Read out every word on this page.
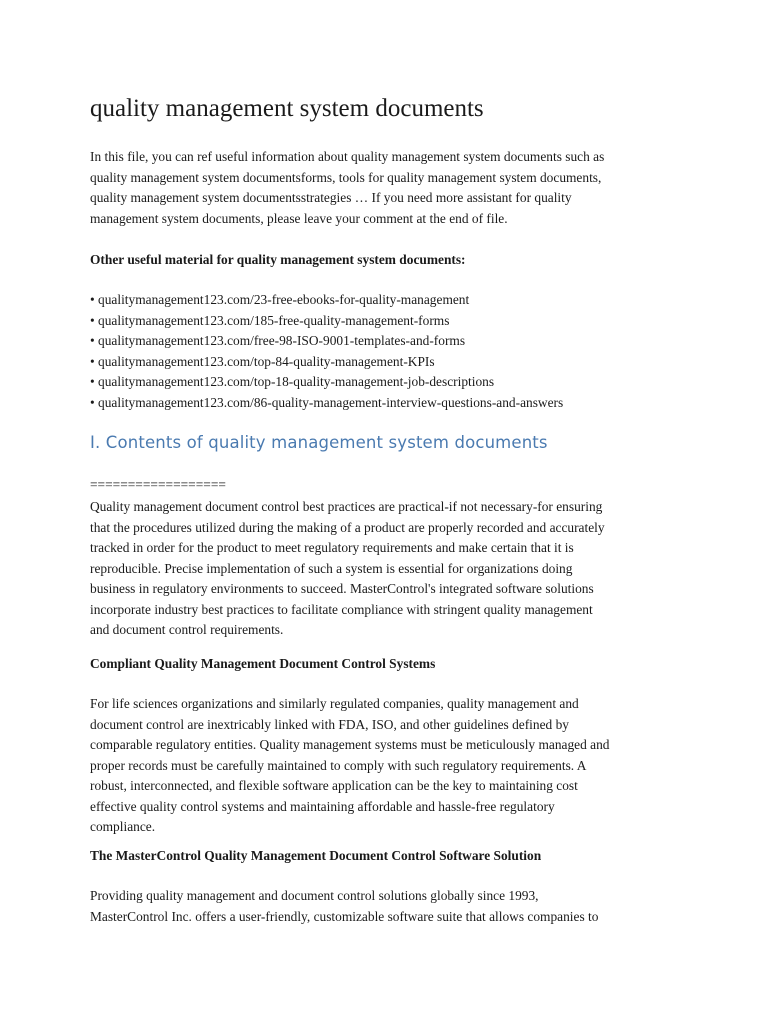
quality management system documents

In this file, you can ref useful information about quality management system documents such as
quality management system documentsforms, tools for quality management system documents,
quality management system documentsstrategies … If you need more assistant for quality
management system documents, please leave your comment at the end of file.

Other useful material for quality management system documents:

• qualitymanagement123.com/23-free-ebooks-for-quality-management
• qualitymanagement123.com/185-free-quality-management-forms
• qualitymanagement123.com/free-98-ISO-9001-templates-and-forms
• qualitymanagement123.com/top-84-quality-management-KPIs
• qualitymanagement123.com/top-18-quality-management-job-descriptions
• qualitymanagement123.com/86-quality-management-interview-questions-and-answers
I. Contents of quality management system documents

==================

Quality management document control best practices are practical-if not necessary-for ensuring
that the procedures utilized during the making of a product are properly recorded and accurately
tracked in order for the product to meet regulatory requirements and make certain that it is
reproducible. Precise implementation of such a system is essential for organizations doing
business in regulatory environments to succeed. MasterControl's integrated software solutions
incorporate industry best practices to facilitate compliance with stringent quality management
and document control requirements.

Compliant Quality Management Document Control Systems

For life sciences organizations and similarly regulated companies, quality management and
document control are inextricably linked with FDA, ISO, and other guidelines defined by
comparable regulatory entities. Quality management systems must be meticulously managed and
proper records must be carefully maintained to comply with such regulatory requirements. A
robust, interconnected, and flexible software application can be the key to maintaining cost
effective quality control systems and maintaining affordable and hassle-free regulatory
compliance.

The MasterControl Quality Management Document Control Software Solution

Providing quality management and document control solutions globally since 1993,
MasterControl Inc. offers a user-friendly, customizable software suite that allows companies to
